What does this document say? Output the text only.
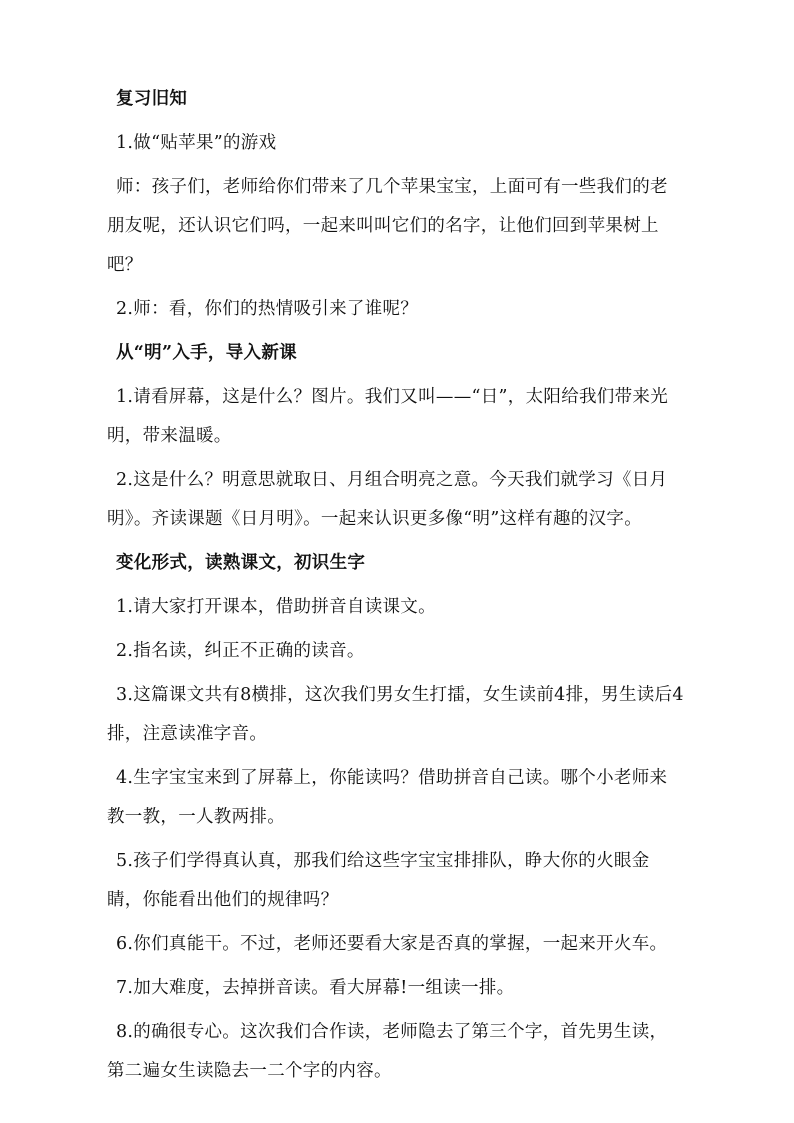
复习旧知
1.做“贴苹果”的游戏
师：孩子们，老师给你们带来了几个苹果宝宝，上面可有一些我们的老朋友呢，还认识它们吗，一起来叫叫它们的名字，让他们回到苹果树上吧？
2.师：看，你们的热情吸引来了谁呢？
从“明”入手，导入新课
1.请看屏幕，这是什么？图片。我们又叫——“日”，太阳给我们带来光明，带来温暖。
2.这是什么？明意思就取日、月组合明亮之意。今天我们就学习《日月明》。齐读课题《日月明》。一起来认识更多像“明”这样有趣的汉字。
变化形式，读熟课文，初识生字
1.请大家打开课本，借助拼音自读课文。
2.指名读，纠正不正确的读音。
3.这篇课文共有8横排，这次我们男女生打擂，女生读前4排，男生读后4排，注意读准字音。
4.生字宝宝来到了屏幕上，你能读吗？借助拼音自己读。哪个小老师来教一教，一人教两排。
5.孩子们学得真认真，那我们给这些字宝宝排排队，睁大你的火眼金睛，你能看出他们的规律吗？
6.你们真能干。不过，老师还要看大家是否真的掌握，一起来开火车。
7.加大难度，去掉拼音读。看大屏幕!一组读一排。
8.的确很专心。这次我们合作读，老师隐去了第三个字，首先男生读，第二遍女生读隐去一二个字的内容。
